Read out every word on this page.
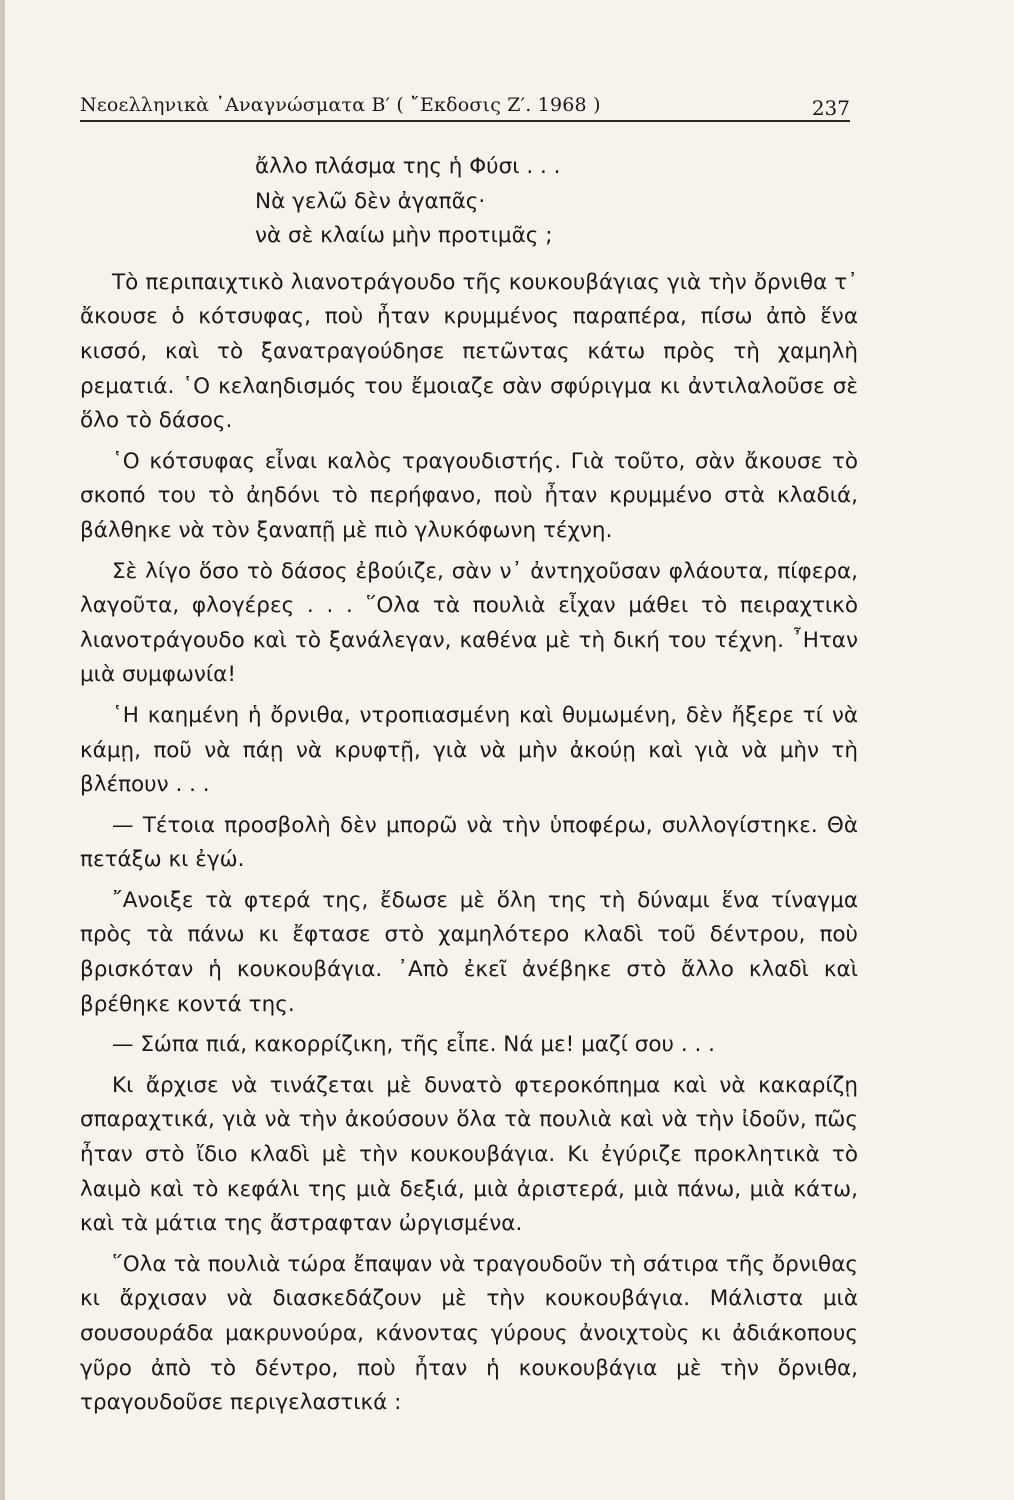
Νεοελληνικὰ ᾿Αναγνώσματα Β′ ( ῎Εκδοσις Ζ′. 1968 )	237
ἄλλο πλάσμα της ἡ Φύσι . . .
Νὰ γελῶ δὲν ἀγαπᾶς·
νὰ σὲ κλαίω μὴν προτιμᾶς ;

Τὸ περιπαιχτικὸ λιανοτράγουδο τῆς κουκουβάγιας γιὰ τὴν ὄρνιθα τ᾿ ἄκουσε ὁ κότσυφας, ποὺ ἦταν κρυμμένος παραπέρα, πίσω ἀπὸ ἕνα κισσό, καὶ τὸ ξανατραγούδησε πετῶντας κάτω πρὸς τὴ χαμηλὴ ρεματιά. ῾Ο κελαηδισμός του ἔμοιαζε σὰν σφύριγμα κι ἀντιλαλοῦσε σὲ ὅλο τὸ δάσος.

῾Ο κότσυφας εἶναι καλὸς τραγουδιστής. Γιὰ τοῦτο, σὰν ἄκουσε τὸ σκοπό του τὸ ἀηδόνι τὸ περήφανο, ποὺ ἦταν κρυμμένο στὰ κλαδιά, βάλθηκε νὰ τὸν ξαναπῇ μὲ πιὸ γλυκόφωνη τέχνη.

Σὲ λίγο ὅσο τὸ δάσος ἐβούιζε, σὰν ν᾿ ἀντηχοῦσαν φλάουτα, πίφερα, λαγοῦτα, φλογέρες . . . ῞Ολα τὰ πουλιὰ εἶχαν μάθει τὸ πειραχτικὸ λιανοτράγουδο καὶ τὸ ξανάλεγαν, καθένα μὲ τὴ δική του τέχνη. ῏Ηταν μιὰ συμφωνία!

῾Η καημένη ἡ ὄρνιθα, ντροπιασμένη καὶ θυμωμένη, δὲν ἤξερε τί νὰ κάμῃ, ποῦ νὰ πάῃ νὰ κρυφτῇ, γιὰ νὰ μὴν ἀκούῃ καὶ γιὰ νὰ μὴν τὴ βλέπουν . . .

— Τέτοια προσβολὴ δὲν μπορῶ νὰ τὴν ὑποφέρω, συλλογίστηκε. Θὰ πετάξω κι ἐγώ.

῎Ανοιξε τὰ φτερά της, ἔδωσε μὲ ὅλη της τὴ δύναμι ἕνα τίναγμα πρὸς τὰ πάνω κι ἔφτασε στὸ χαμηλότερο κλαδὶ τοῦ δέντρου, ποὺ βρισκόταν ἡ κουκουβάγια. ᾿Απὸ ἐκεῖ ἀνέβηκε στὸ ἄλλο κλαδὶ καὶ βρέθηκε κοντά της.

— Σώπα πιά, κακορρίζικη, τῆς εἶπε. Νά με! μαζί σου . . .

Κι ἄρχισε νὰ τινάζεται μὲ δυνατὸ φτεροκόπημα καὶ νὰ κακαρίζῃ σπαραχτικά, γιὰ νὰ τὴν ἀκούσουν ὅλα τὰ πουλιὰ καὶ νὰ τὴν ἰδοῦν, πῶς ἦταν στὸ ἴδιο κλαδὶ μὲ τὴν κουκουβάγια. Κι ἐγύριζε προκλητικὰ τὸ λαιμὸ καὶ τὸ κεφάλι της μιὰ δεξιά, μιὰ ἀριστερά, μιὰ πάνω, μιὰ κάτω, καὶ τὰ μάτια της ἄστραφταν ὠργισμένα.

῞Ολα τὰ πουλιὰ τώρα ἔπαψαν νὰ τραγουδοῦν τὴ σάτιρα τῆς ὄρνιθας κι ἄρχισαν νὰ διασκεδάζουν μὲ τὴν κουκουβάγια. Μάλιστα μιὰ σουσουράδα μακρυνούρα, κάνοντας γύρους ἀνοιχτοὺς κι ἀδιάκοπους γῦρο ἀπὸ τὸ δέντρο, ποὺ ἦταν ἡ κουκουβάγια μὲ τὴν ὄρνιθα, τραγουδοῦσε περιγελαστικά :
